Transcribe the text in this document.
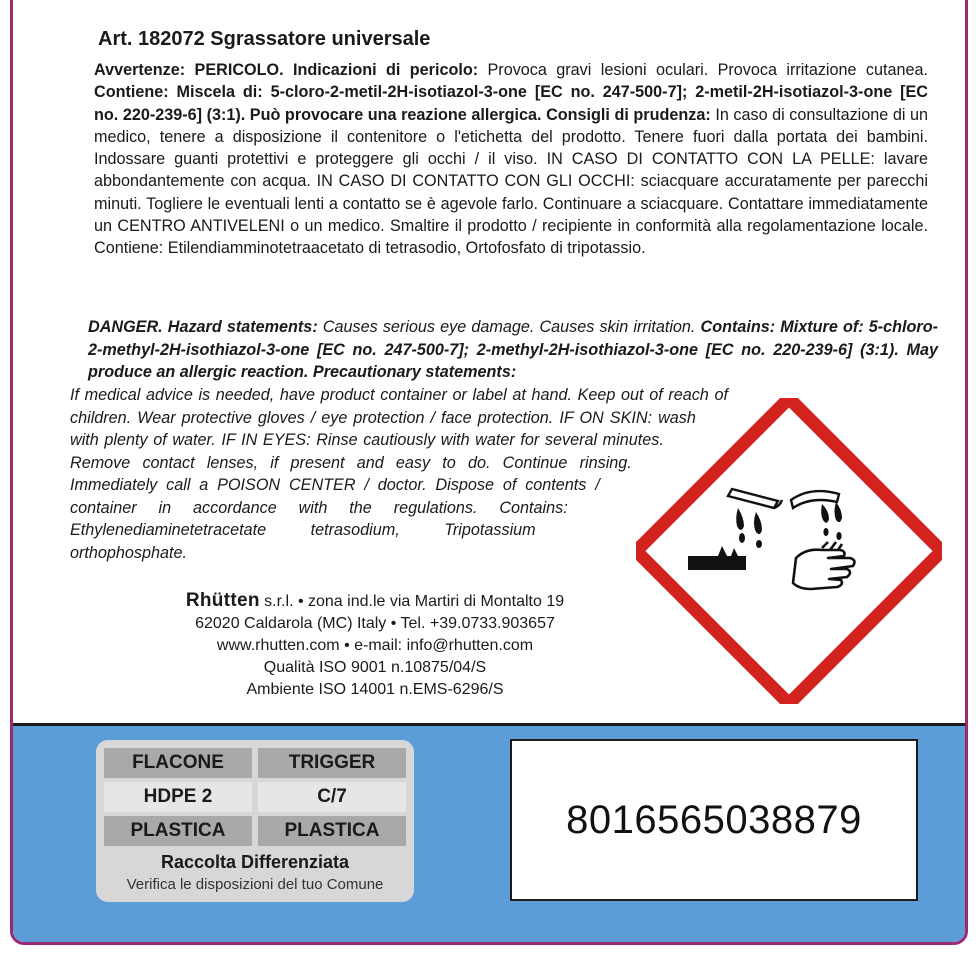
Art. 182072 Sgrassatore universale

Avvertenze: PERICOLO. Indicazioni di pericolo: Provoca gravi lesioni oculari. Provoca irritazione cutanea. Contiene: Miscela di: 5-cloro-2-metil-2H-isotiazol-3-one [EC no. 247-500-7]; 2-metil-2H-isotiazol-3-one [EC no. 220-239-6] (3:1). Può provocare una reazione allergica. Consigli di prudenza: In caso di consultazione di un medico, tenere a disposizione il contenitore o l'etichetta del prodotto. Tenere fuori dalla portata dei bambini. Indossare guanti protettivi e proteggere gli occhi / il viso. IN CASO DI CONTATTO CON LA PELLE: lavare abbondantemente con acqua. IN CASO DI CONTATTO CON GLI OCCHI: sciacquare accuratamente per parecchi minuti. Togliere le eventuali lenti a contatto se è agevole farlo. Continuare a sciacquare. Contattare immediatamente un CENTRO ANTIVELENI o un medico. Smaltire il prodotto / recipiente in conformità alla regolamentazione locale. Contiene: Etilendiamminotetraacetato di tetrasodio, Ortofosfato di tripotassio.

DANGER. Hazard statements: Causes serious eye damage. Causes skin irritation. Contains: Mixture of: 5-chloro-2-methyl-2H-isothiazol-3-one [EC no. 247-500-7]; 2-methyl-2H-isothiazol-3-one [EC no. 220-239-6] (3:1). May produce an allergic reaction. Precautionary statements:

If medical advice is needed, have product container or label at hand. Keep out of reach of children. Wear protective gloves / eye protection / face protection. IF ON SKIN: wash with plenty of water. IF IN EYES: Rinse cautiously with water for several minutes. Remove contact lenses, if present and easy to do. Continue rinsing. Immediately call a POISON CENTER / doctor. Dispose of contents / container in accordance with the regulations. Contains: Ethylenediaminetetracetate tetrasodium, Tripotassium orthophosphate.
Rhütten s.r.l. • zona ind.le via Martiri di Montalto 19
62020 Caldarola (MC) Italy • Tel. +39.0733.903657
www.rhutten.com • e-mail: info@rhutten.com
Qualità ISO 9001 n.10875/04/S
Ambiente ISO 14001 n.EMS-6296/S
FLACONE
HDPE 2
PLASTICA
TRIGGER
C/7
PLASTICA
Raccolta Differenziata
Verifica le disposizioni del tuo Comune
8016565038879
